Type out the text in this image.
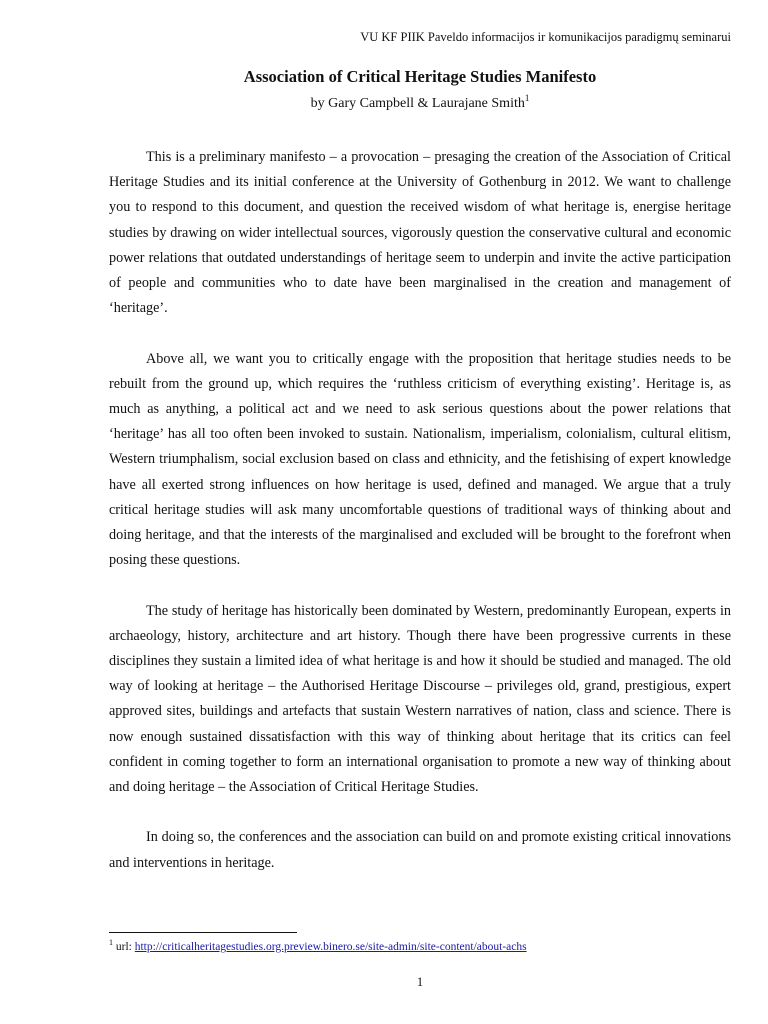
VU KF PIIK Paveldo informacijos ir komunikacijos paradigmų seminarui
Association of Critical Heritage Studies Manifesto
by Gary Campbell & Laurajane Smith$^1$

This is a preliminary manifesto – a provocation – presaging the creation of the Association of Critical Heritage Studies and its initial conference at the University of Gothenburg in 2012. We want to challenge you to respond to this document, and question the received wisdom of what heritage is, energise heritage studies by drawing on wider intellectual sources, vigorously question the conservative cultural and economic power relations that outdated understandings of heritage seem to underpin and invite the active participation of people and communities who to date have been marginalised in the creation and management of ‘heritage’.

Above all, we want you to critically engage with the proposition that heritage studies needs to be rebuilt from the ground up, which requires the ‘ruthless criticism of everything existing’. Heritage is, as much as anything, a political act and we need to ask serious questions about the power relations that ‘heritage’ has all too often been invoked to sustain. Nationalism, imperialism, colonialism, cultural elitism, Western triumphalism, social exclusion based on class and ethnicity, and the fetishising of expert knowledge have all exerted strong influences on how heritage is used, defined and managed. We argue that a truly critical heritage studies will ask many uncomfortable questions of traditional ways of thinking about and doing heritage, and that the interests of the marginalised and excluded will be brought to the forefront when posing these questions.

The study of heritage has historically been dominated by Western, predominantly European, experts in archaeology, history, architecture and art history. Though there have been progressive currents in these disciplines they sustain a limited idea of what heritage is and how it should be studied and managed. The old way of looking at heritage – the Authorised Heritage Discourse – privileges old, grand, prestigious, expert approved sites, buildings and artefacts that sustain Western narratives of nation, class and science. There is now enough sustained dissatisfaction with this way of thinking about heritage that its critics can feel confident in coming together to form an international organisation to promote a new way of thinking about and doing heritage – the Association of Critical Heritage Studies.

In doing so, the conferences and the association can build on and promote existing critical innovations and interventions in heritage.

$^1$ url: http://criticalheritagestudies.org.preview.binero.se/site-admin/site-content/about-achs
1
